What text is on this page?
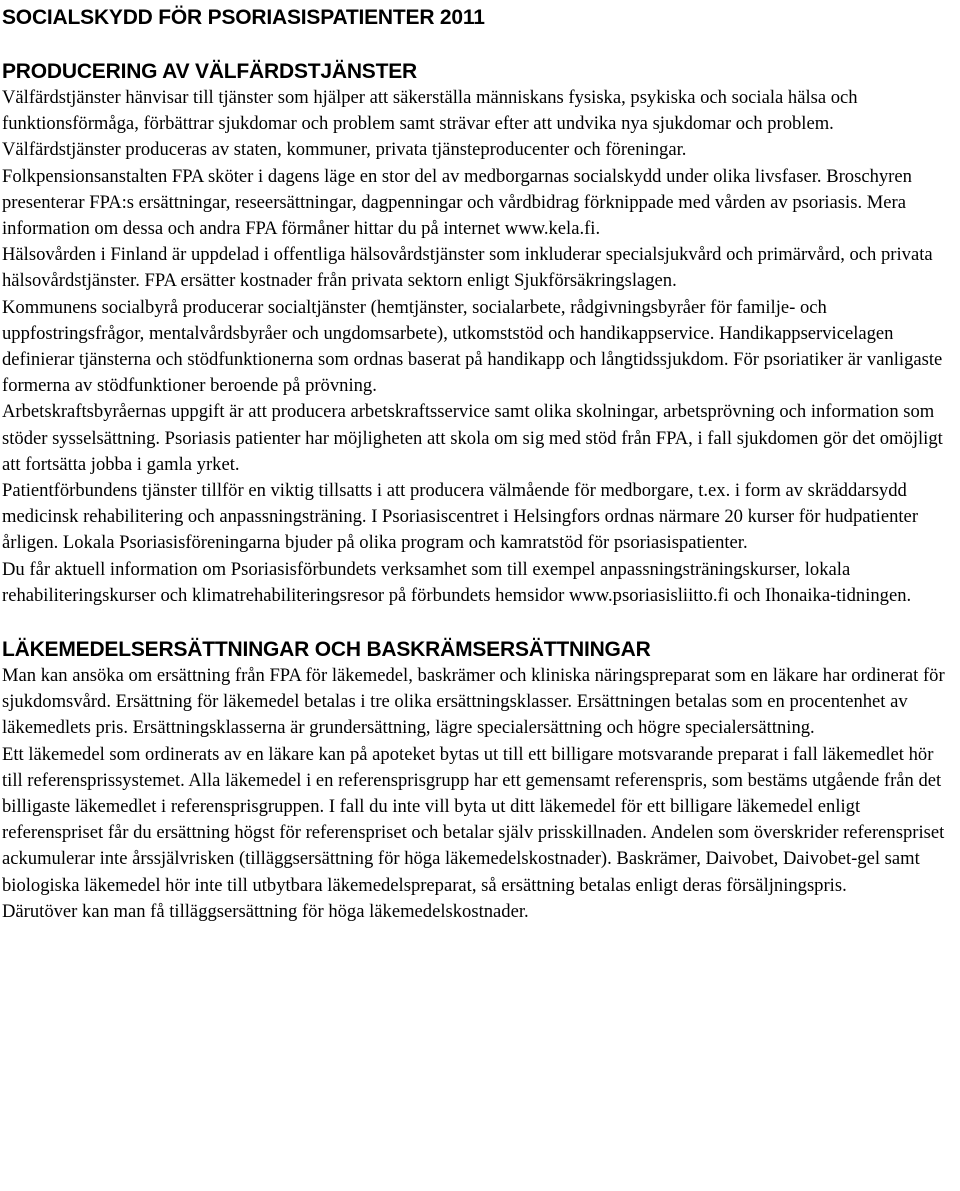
SOCIALSKYDD FÖR PSORIASISPATIENTER 2011
PRODUCERING AV VÄLFÄRDSTJÄNSTER

Välfärdstjänster hänvisar till tjänster som hjälper att säkerställa människans fysiska, psykiska och sociala hälsa och funktionsförmåga, förbättrar sjukdomar och problem samt strävar efter att undvika nya sjukdomar och problem. Välfärdstjänster produceras av staten, kommuner, privata tjänsteproducenter och föreningar.

Folkpensionsanstalten FPA sköter i dagens läge en stor del av medborgarnas socialskydd under olika livsfaser. Broschyren presenterar FPA:s ersättningar, reseersättningar, dagpenningar och vårdbidrag förknippade med vården av psoriasis. Mera information om dessa och andra FPA förmåner hittar du på internet www.kela.fi.

Hälsovården i Finland är uppdelad i offentliga hälsovårdstjänster som inkluderar specialsjukvård och primärvård, och privata hälsovårdstjänster. FPA ersätter kostnader från privata sektorn enligt Sjukförsäkringslagen.

Kommunens socialbyrå producerar socialtjänster (hemtjänster, socialarbete, rådgivningsbyråer för familje- och uppfostringsfrågor, mentalvårdsbyråer och ungdomsarbete), utkomststöd och handikappservice. Handikappservicelagen definierar tjänsterna och stödfunktionerna som ordnas baserat på handikapp och långtidssjukdom. För psoriatiker är vanligaste formerna av stödfunktioner beroende på prövning.

Arbetskraftsbyråernas uppgift är att producera arbetskraftsservice samt olika skolningar, arbetsprövning och information som stöder sysselsättning. Psoriasis patienter har möjligheten att skola om sig med stöd från FPA, i fall sjukdomen gör det omöjligt att fortsätta jobba i gamla yrket.

Patientförbundens tjänster tillför en viktig tillsatts i att producera välmående för medborgare, t.ex. i form av skräddarsydd medicinsk rehabilitering och anpassningsträning. I Psoriasiscentret i Helsingfors ordnas närmare 20 kurser för hudpatienter årligen. Lokala Psoriasisföreningarna bjuder på olika program och kamratstöd för psoriasispatienter.

Du får aktuell information om Psoriasisförbundets verksamhet som till exempel anpassningsträningskurser, lokala rehabiliteringskurser och klimatrehabiliteringsresor på förbundets hemsidor www.psoriasisliitto.fi och Ihonaika-tidningen.

LÄKEMEDELSERSÄTTNINGAR OCH BASKRÄMSERSÄTTNINGAR

Man kan ansöka om ersättning från FPA för läkemedel, baskrämer och kliniska näringspreparat som en läkare har ordinerat för sjukdomsvård. Ersättning för läkemedel betalas i tre olika ersättningsklasser. Ersättningen betalas som en procentenhet av läkemedlets pris. Ersättningsklasserna är grundersättning, lägre specialersättning och högre specialersättning.

Ett läkemedel som ordinerats av en läkare kan på apoteket bytas ut till ett billigare motsvarande preparat i fall läkemedlet hör till referensprissystemet. Alla läkemedel i en referensprisgrupp har ett gemensamt referenspris, som bestäms utgående från det billigaste läkemedlet i referensprisgruppen. I fall du inte vill byta ut ditt läkemedel för ett billigare läkemedel enligt referenspriset får du ersättning högst för referenspriset och betalar själv prisskillnaden. Andelen som överskrider referenspriset ackumulerar inte årssjälvrisken (tilläggsersättning för höga läkemedelskostnader). Baskrämer, Daivobet, Daivobet-gel samt biologiska läkemedel hör inte till utbytbara läkemedelspreparat, så ersättning betalas enligt deras försäljningspris.

Därutöver kan man få tilläggsersättning för höga läkemedelskostnader.
